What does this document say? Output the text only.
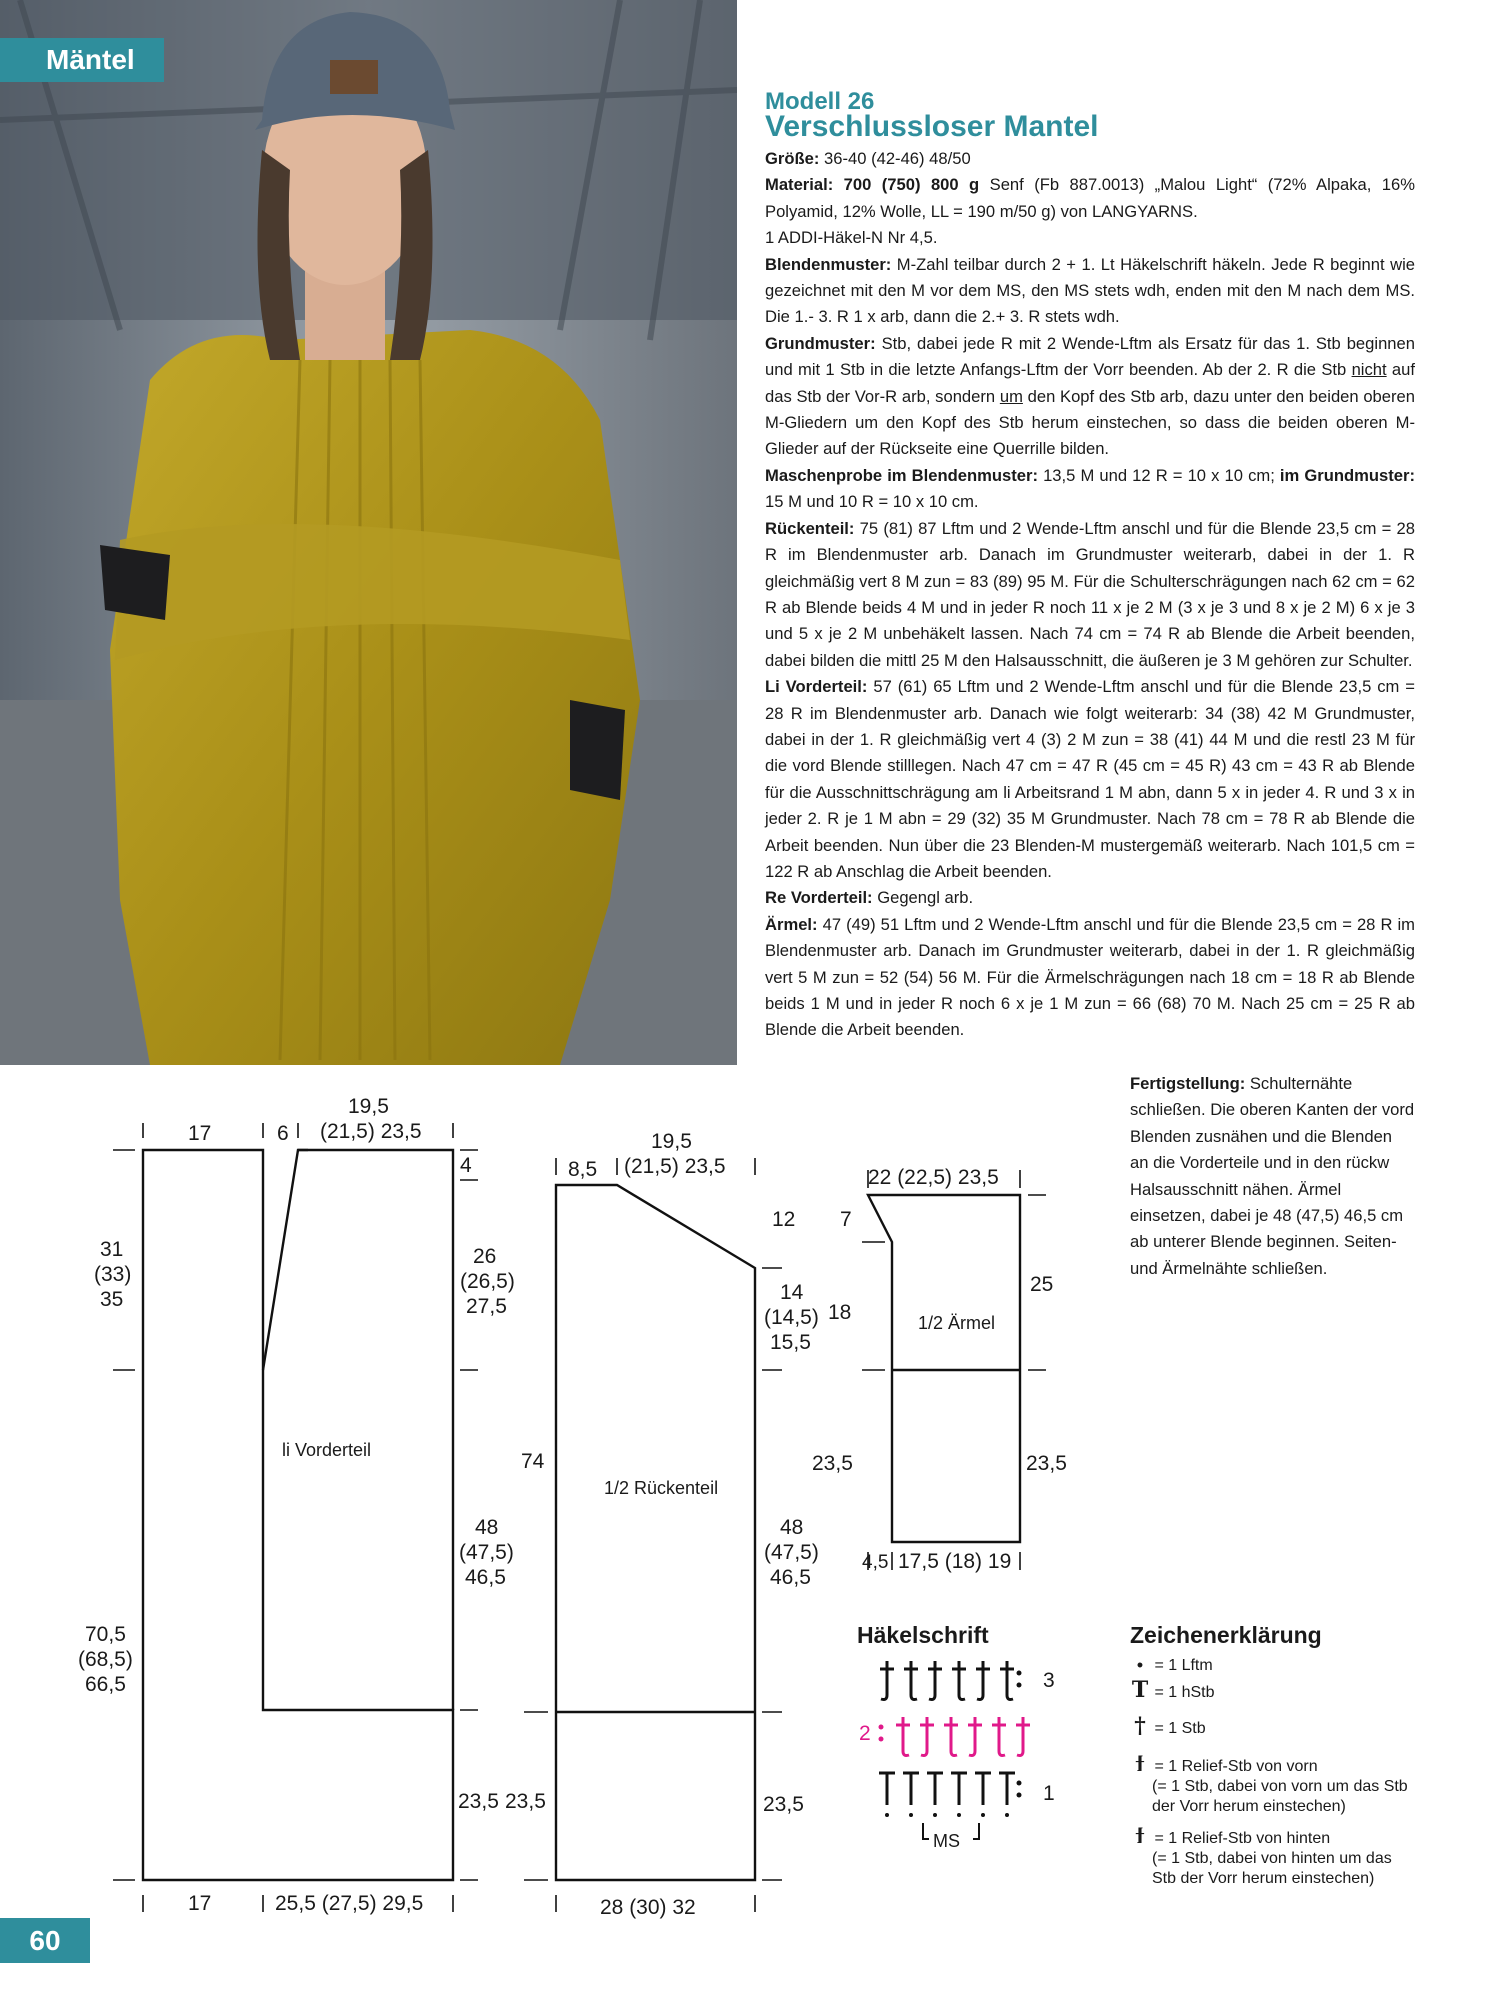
Mäntel
Modell 26
Verschlussloser Mantel

Größe: 36-40 (42-46) 48/50

Material: 700 (750) 800 g Senf (Fb 887.0013) „Malou Light“ (72% Alpaka, 16% Polyamid, 12% Wolle, LL = 190 m/50 g) von LANGYARNS.

1 ADDI-Häkel-N Nr 4,5.

Blendenmuster: M-Zahl teilbar durch 2 + 1. Lt Häkelschrift häkeln. Jede R beginnt wie gezeichnet mit den M vor dem MS, den MS stets wdh, enden mit den M nach dem MS. Die 1.- 3. R 1 x arb, dann die 2.+ 3. R stets wdh.

Grundmuster: Stb, dabei jede R mit 2 Wende-Lftm als Ersatz für das 1. Stb beginnen und mit 1 Stb in die letzte Anfangs-Lftm der Vorr beenden. Ab der 2. R die Stb nicht auf das Stb der Vor-R arb, sondern um den Kopf des Stb arb, dazu unter den beiden oberen M-Gliedern um den Kopf des Stb herum einstechen, so dass die beiden oberen M-Glieder auf der Rückseite eine Querrille bilden.

Maschenprobe im Blendenmuster: 13,5 M und 12 R = 10 x 10 cm; im Grundmuster: 15 M und 10 R = 10 x 10 cm.

Rückenteil: 75 (81) 87 Lftm und 2 Wende-Lftm anschl und für die Blende 23,5 cm = 28 R im Blendenmuster arb. Danach im Grundmuster weiterarb, dabei in der 1. R gleichmäßig vert 8 M zun = 83 (89) 95 M. Für die Schulterschrägungen nach 62 cm = 62 R ab Blende beids 4 M und in jeder R noch 11 x je 2 M (3 x je 3 und 8 x je 2 M) 6 x je 3 und 5 x je 2 M unbehäkelt lassen. Nach 74 cm = 74 R ab Blende die Arbeit beenden, dabei bilden die mittl 25 M den Halsausschnitt, die äußeren je 3 M gehören zur Schulter.

Li Vorderteil: 57 (61) 65 Lftm und 2 Wende-Lftm anschl und für die Blende 23,5 cm = 28 R im Blendenmuster arb. Danach wie folgt weiterarb: 34 (38) 42 M Grundmuster, dabei in der 1. R gleichmäßig vert 4 (3) 2 M zun = 38 (41) 44 M und die restl 23 M für die vord Blende stilllegen. Nach 47 cm = 47 R (45 cm = 45 R) 43 cm = 43 R ab Blende für die Ausschnittschrägung am li Arbeitsrand 1 M abn, dann 5 x in jeder 4. R und 3 x in jeder 2. R je 1 M abn = 29 (32) 35 M Grundmuster. Nach 78 cm = 78 R ab Blende die Arbeit beenden. Nun über die 23 Blenden-M mustergemäß weiterarb. Nach 101,5 cm = 122 R ab Anschlag die Arbeit beenden.

Re Vorderteil: Gegengl arb.

Ärmel: 47 (49) 51 Lftm und 2 Wende-Lftm anschl und für die Blende 23,5 cm = 28 R im Blendenmuster arb. Danach im Grundmuster weiterarb, dabei in der 1. R gleichmäßig vert 5 M zun = 52 (54) 56 M. Für die Ärmelschrägungen nach 18 cm = 18 R ab Blende beids 1 M und in jeder R noch 6 x je 1 M zun = 66 (68) 70 M. Nach 25 cm = 25 R ab Blende die Arbeit beenden.

Fertigstellung: Schulternähte schließen. Die oberen Kanten der vord Blenden zusnähen und die Blenden an die Vorderteile und in den rückw Halsausschnitt nähen. Ärmel einsetzen, dabei je 48 (47,5) 46,5 cm ab unterer Blende beginnen. Seiten- und Ärmelnähte schließen.
li Vorderteil
17	6
19,5
(21,5) 23,5
31
(33)
35
70,5
(68,5)
66,5
4
26
(26,5)
27,5
48
(47,5)
46,5
23,5
17	25,5 (27,5) 29,5
1/2 Rückenteil
8,5
19,5
(21,5) 23,5
74
23,5
12
14
(14,5)
15,5
48
(47,5)
46,5
23,5
28 (30) 32
1/2 Ärmel
22 (22,5) 23,5
7
18
23,5
25
23,5
4,5 17,5 (18) 19
Häkelschrift
3
2
1
MS
Zeichenerklärung
• = 1 Lftm
T = 1 hStb
† = 1 Stb
ϯ = 1 Relief-Stb von vorn
(= 1 Stb, dabei von vorn um das Stb der Vorr herum einstechen)
ϯ = 1 Relief-Stb von hinten
(= 1 Stb, dabei von hinten um das Stb der Vorr herum einstechen)
60
